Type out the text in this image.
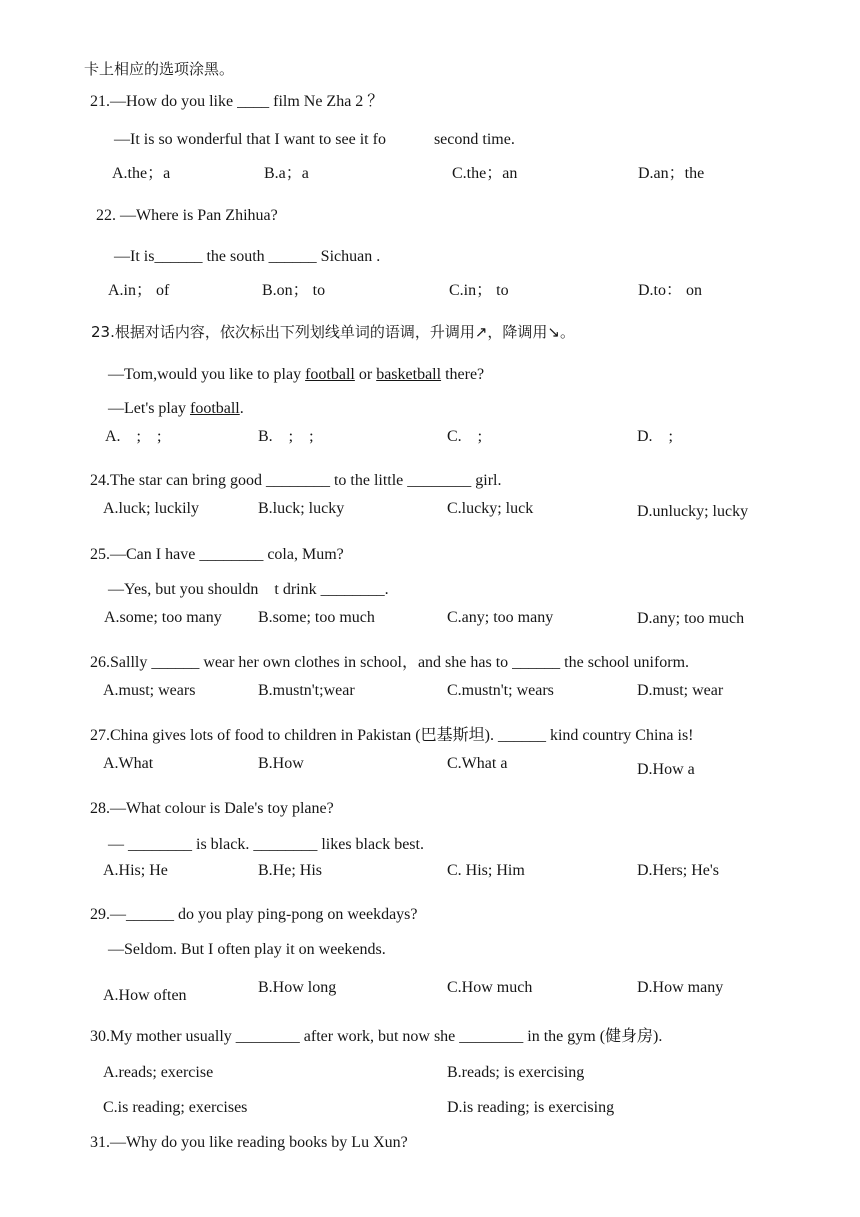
卡上相应的选项涂黑。
21.—How do you like ____ film Ne Zha 2 ？
—It is so wonderful that I want to see it fo	second time.
A.the；a	B.a；a	C.the；an	D.an；the
22. —Where is Pan Zhihua?
—It is______ the south ______ Sichuan .
A.in； of	B.on； to	C.in； to	D.to： on
23.根据对话内容，依次标出下列划线单词的语调，升调用↗，降调用↘。
—Tom,would you like to play football or basketball there?
—Let's play football.
A.　;　;	B.　;　;	C.　;	D.　;
24.The star can bring good ________ to the little ________ girl.
A.luck; luckily	B.luck; lucky	C.lucky; luck	D.unlucky; lucky
25.—Can I have ________ cola, Mum?
—Yes, but you shouldn　t drink ________.
A.some; too many B.some; too much	C.any; too many	D.any; too much
26.Sallly ______ wear her own clothes in school，and she has to ______ the school uniform.
A.must; wears	B.mustn't;wear	C.mustn't; wears	D.must; wear
27.China gives lots of food to children in Pakistan (巴基斯坦). ______ kind country China is!
A.What	B.How	C.What a	D.How a
28.—What colour is Dale's toy plane?
— ________ is black. ________ likes black best.
A.His; He	B.He; His	C. His; Him	D.Hers; He's
29.—______ do you play ping-pong on weekdays?
—Seldom. But I often play it on weekends.
A.How often	B.How long	C.How much	D.How many
30.My mother usually ________ after work, but now she ________ in the gym (健身房).
A.reads; exercise	B.reads; is exercising
C.is reading; exercises	D.is reading; is exercising
31.—Why do you like reading books by Lu Xun?
